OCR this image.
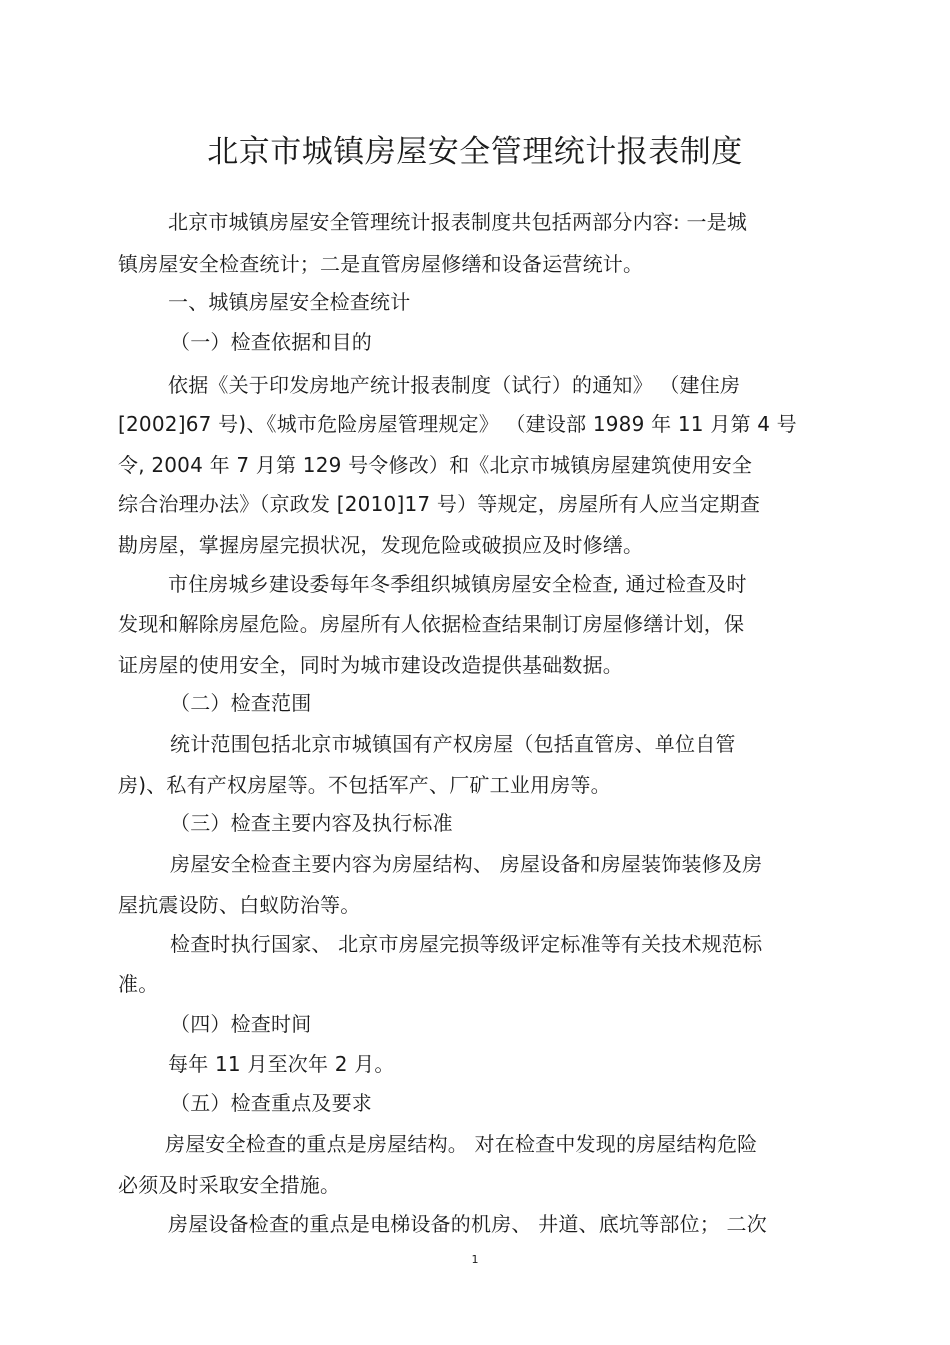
北京市城镇房屋安全管理统计报表制度
北京市城镇房屋安全管理统计报表制度共包括两部分内容: 一是城
镇房屋安全检查统计；二是直管房屋修缮和设备运营统计。
一、城镇房屋安全检查统计
（一）检查依据和目的
依据《关于印发房地产统计报表制度（试行）的通知》 （建住房
[2002]67 号)、《城市危险房屋管理规定》 （建设部 1989 年 11 月第 4 号
令, 2004 年 7 月第 129 号令修改）和《北京市城镇房屋建筑使用安全
综合治理办法》（京政发 [2010]17 号）等规定，房屋所有人应当定期查
勘房屋，掌握房屋完损状况，发现危险或破损应及时修缮。
市住房城乡建设委每年冬季组织城镇房屋安全检查, 通过检查及时
发现和解除房屋危险。房屋所有人依据检查结果制订房屋修缮计划，保
证房屋的使用安全，同时为城市建设改造提供基础数据。
（二）检查范围
统计范围包括北京市城镇国有产权房屋（包括直管房、单位自管
房)、私有产权房屋等。不包括军产、厂矿工业用房等。
（三）检查主要内容及执行标准
房屋安全检查主要内容为房屋结构、 房屋设备和房屋装饰装修及房
屋抗震设防、白蚁防治等。
检查时执行国家、 北京市房屋完损等级评定标准等有关技术规范标
准。
（四）检查时间
每年 11 月至次年 2 月。
（五）检查重点及要求
房屋安全检查的重点是房屋结构。 对在检查中发现的房屋结构危险
必须及时采取安全措施。
房屋设备检查的重点是电梯设备的机房、 井道、底坑等部位； 二次
1
